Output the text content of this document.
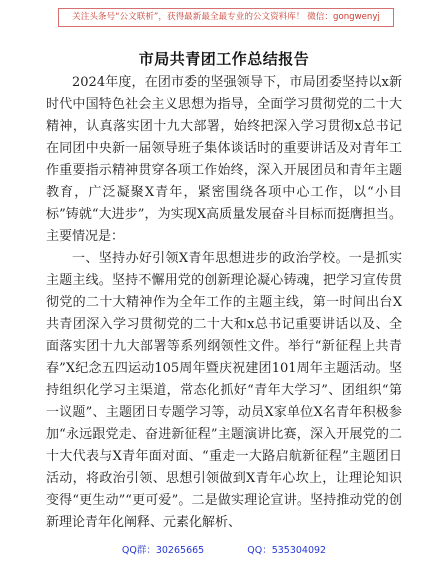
关注头条号“公文联析”，获得最新最全最专业的公文资料库！ 微信：gongwenyj
市局共青团工作总结报告

2024年度，在团市委的坚强领导下，市局团委坚持以x新时代中国特色社会主义思想为指导，全面学习贯彻党的二十大精神，认真落实团十九大部署，始终把深入学习贯彻x总书记在同团中央新一届领导班子集体谈话时的重要讲话及对青年工作重要指示精神贯穿各项工作始终，深入开展团员和青年主题教育，广泛凝聚X青年，紧密围绕各项中心工作，以“小目标”铸就“大进步”，为实现X高质量发展奋斗目标而挺膺担当。主要情况是：

一、坚持办好引领X青年思想进步的政治学校。一是抓实主题主线。坚持不懈用党的创新理论凝心铸魂，把学习宣传贯彻党的二十大精神作为全年工作的主题主线，第一时间出台X共青团深入学习贯彻党的二十大和x总书记重要讲话以及、全面落实团十九大部署等系列纲领性文件。举行“新征程上共青春”X纪念五四运动105周年暨庆祝建团101周年主题活动。坚持组织化学习主渠道，常态化抓好“青年大学习”、团组织“第一议题”、主题团日专题学习等，动员X家单位X名青年积极参加“永远跟党走、奋进新征程”主题演讲比赛，深入开展党的二十大代表与X青年面对面、“重走一大路启航新征程”主题团日活动，将政治引领、思想引领做到X青年心坎上，让理论知识变得“更生动”“更可爱”。二是做实理论宣讲。坚持推动党的创新理论青年化阐释、元素化解析、

QQ群：30265665	QQ：535304092
